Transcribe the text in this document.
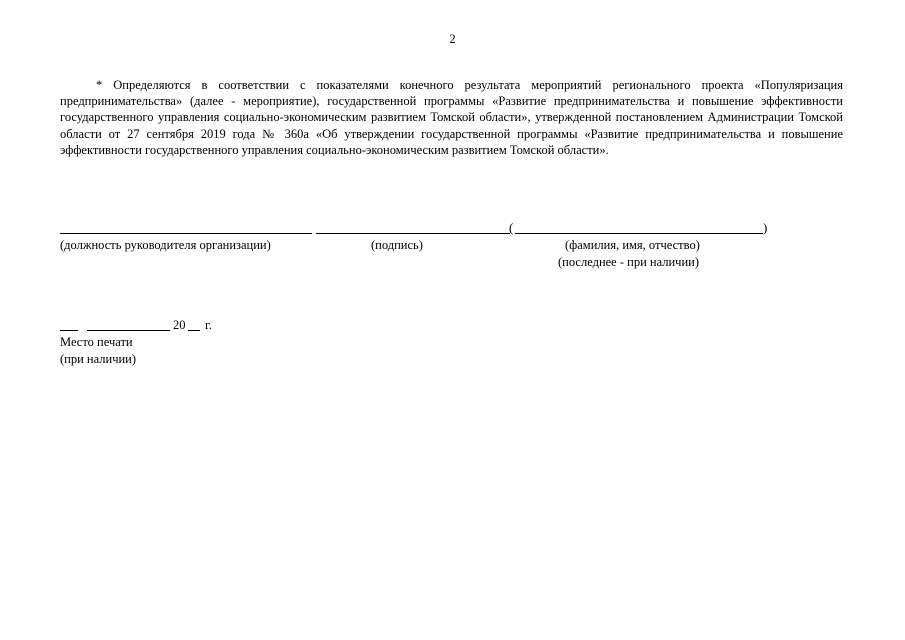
2

* Определяются в соответствии с показателями конечного результата мероприятий регионального проекта «Популяризация предпринимательства» (далее - мероприятие), государственной программы «Развитие предпринимательства и повышение эффективности государственного управления социально-экономическим развитием Томской области», утвержденной постановлением Администрации Томской области от 27 сентября 2019 года № 360а «Об утверждении государственной программы «Развитие предпринимательства и повышение эффективности государственного управления социально-экономическим развитием Томской области».

(	)
(должность руководителя организации)	(подпись)	(фамилия, имя, отчество)
(последнее - при наличии)
20 г.
Место печати
(при наличии)
